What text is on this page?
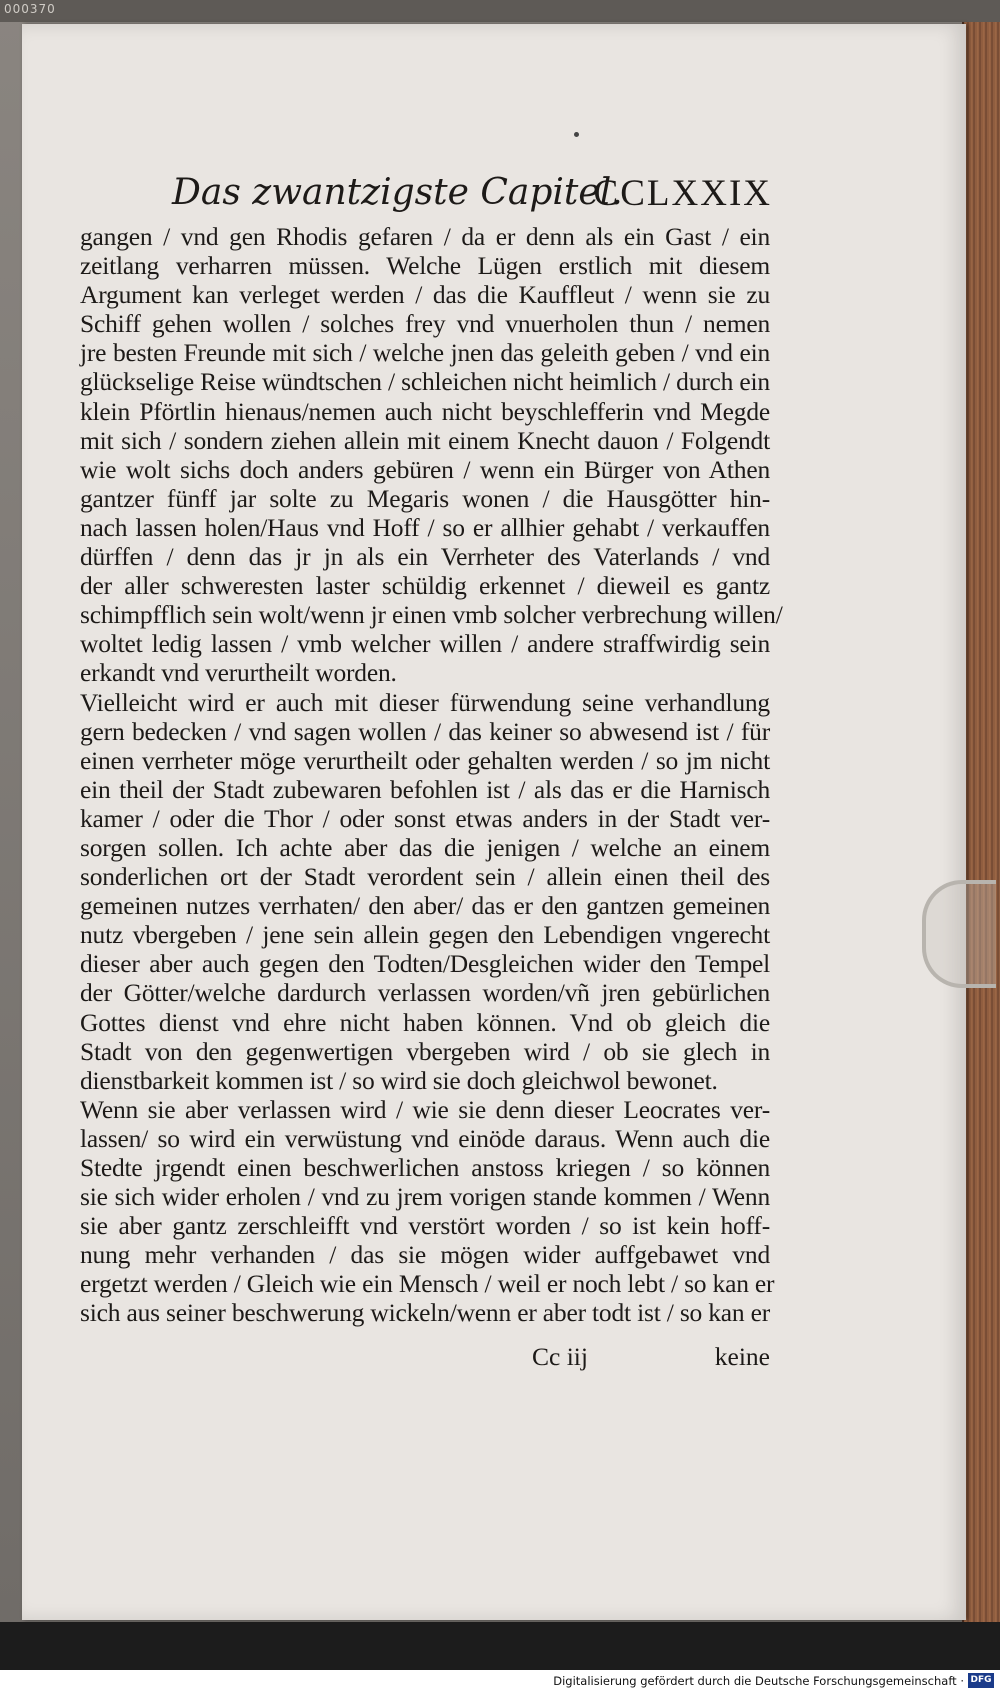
000370
Das zwantzigste Capitel.
CCLXXIX
gangen / vnd gen Rhodis gefaren / da er denn als ein Gast / ein
zeitlang verharren müssen. Welche Lügen erstlich mit diesem
Argument kan verleget werden / das die Kauffleut / wenn sie zu
Schiff gehen wollen / solches frey vnd vnuerholen thun / nemen
jre besten Freunde mit sich / welche jnen das geleith geben / vnd ein
glückselige Reise wündtschen / schleichen nicht heimlich / durch ein
klein Pförtlin hienaus/nemen auch nicht beyschlefferin vnd Megde
mit sich / sondern ziehen allein mit einem Knecht dauon / Folgendt
wie wolt sichs doch anders gebüren / wenn ein Bürger von Athen
gantzer fünff jar solte zu Megaris wonen / die Hausgötter hin-
nach lassen holen/Haus vnd Hoff / so er allhier gehabt / verkauffen
dürffen / denn das jr jn als ein Verrheter des Vaterlands / vnd
der aller schweresten laster schüldig erkennet / dieweil es gantz
schimpfflich sein wolt/wenn jr einen vmb solcher verbrechung willen/
woltet ledig lassen / vmb welcher willen / andere straffwirdig sein
erkandt vnd verurtheilt worden.
Vielleicht wird er auch mit dieser fürwendung seine verhandlung
gern bedecken / vnd sagen wollen / das keiner so abwesend ist / für
einen verrheter möge verurtheilt oder gehalten werden / so jm nicht
ein theil der Stadt zubewaren befohlen ist / als das er die Harnisch
kamer / oder die Thor / oder sonst etwas anders in der Stadt ver-
sorgen sollen. Ich achte aber das die jenigen / welche an einem
sonderlichen ort der Stadt verordent sein / allein einen theil des
gemeinen nutzes verrhaten/ den aber/ das er den gantzen gemeinen
nutz vbergeben / jene sein allein gegen den Lebendigen vngerecht
dieser aber auch gegen den Todten/Desgleichen wider den Tempel
der Götter/welche dardurch verlassen worden/vñ jren gebürlichen
Gottes dienst vnd ehre nicht haben können. Vnd ob gleich die
Stadt von den gegenwertigen vbergeben wird / ob sie glech in
dienstbarkeit kommen ist / so wird sie doch gleichwol bewonet.
Wenn sie aber verlassen wird / wie sie denn dieser Leocrates ver-
lassen/ so wird ein verwüstung vnd einöde daraus. Wenn auch die
Stedte jrgendt einen beschwerlichen anstoss kriegen / so können
sie sich wider erholen / vnd zu jrem vorigen stande kommen / Wenn
sie aber gantz zerschleifft vnd verstört worden / so ist kein hoff-
nung mehr verhanden / das sie mögen wider auffgebawet vnd
ergetzt werden / Gleich wie ein Mensch / weil er noch lebt / so kan er
sich aus seiner beschwerung wickeln/wenn er aber todt ist / so kan er
Cc iij	keine
Digitalisierung gefördert durch die Deutsche Forschungsgemeinschaft · DFG
